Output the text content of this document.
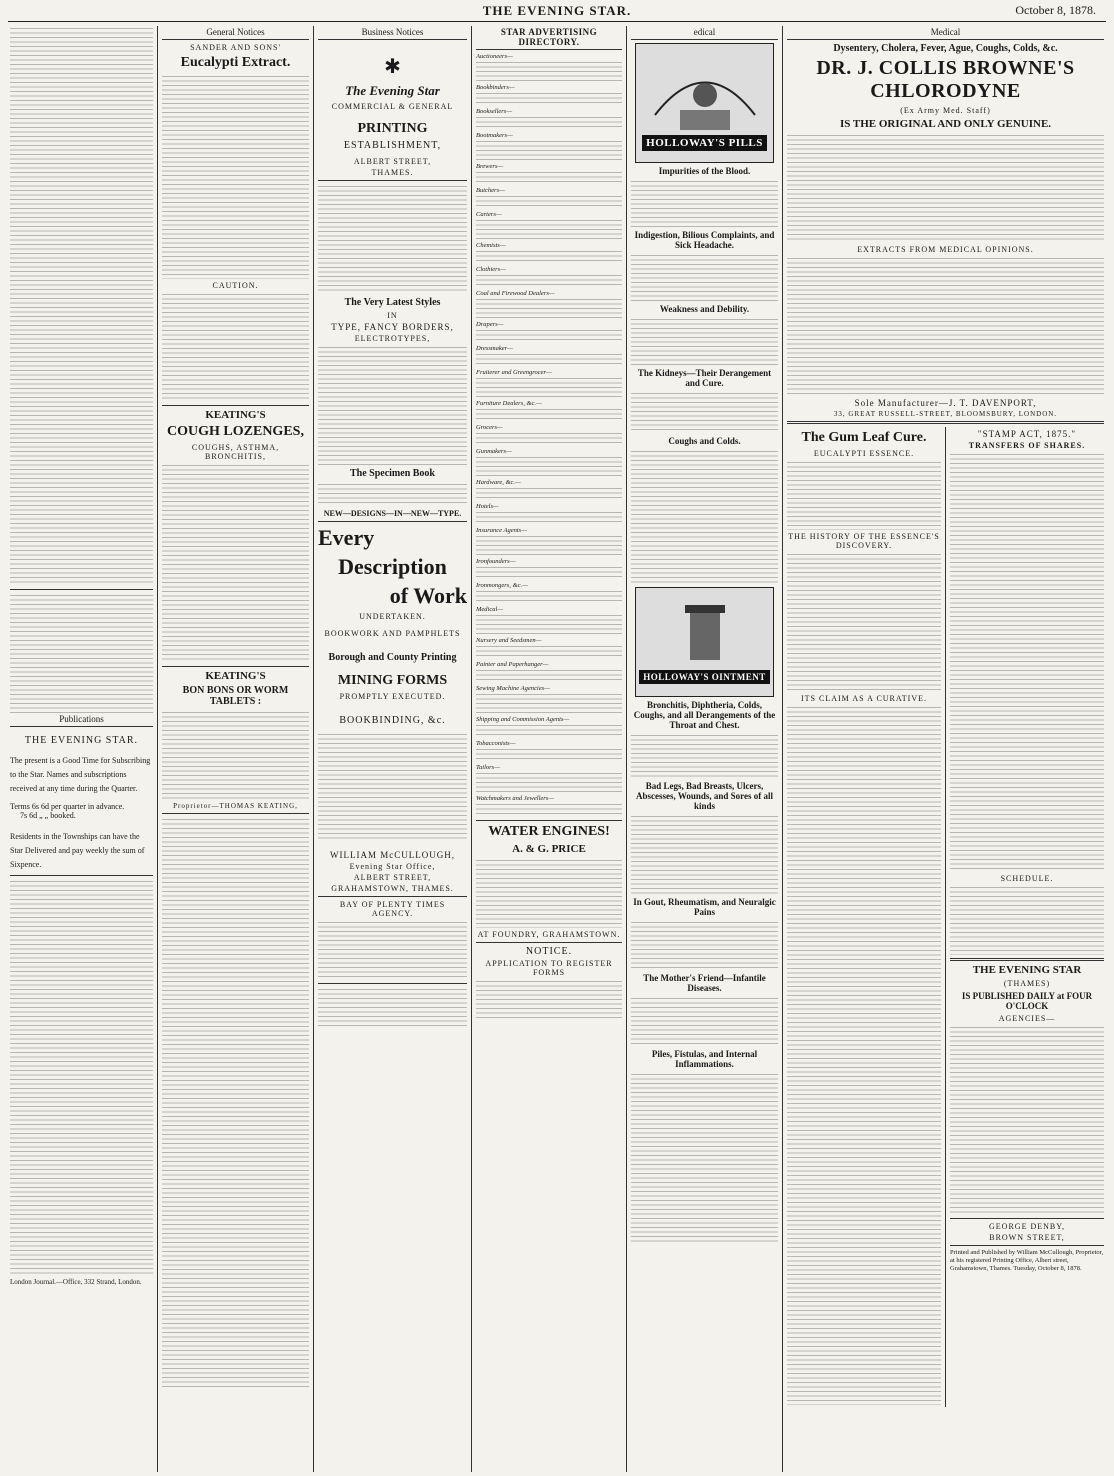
THE EVENING STAR.	October 8, 1878.
Publications
THE EVENING STAR.
The present is a Good Time for Subscribing to the Star. Names and subscriptions received at any time during the Quarter.
Terms 6s 6d per quarter in advance.
7s 6d „ „ booked.
Residents in the Townships can have the Star Delivered and pay weekly the sum of Sixpence.
London Journal.—Office, 332 Strand, London.
General Notices
SANDER AND SONS'
Eucalypti Extract.
CAUTION.
KEATING'S
COUGH LOZENGES,
COUGHS, ASTHMA, BRONCHITIS,
KEATING'S
BON BONS OR WORM TABLETS :
Proprietor—THOMAS KEATING,
Business Notices
✱
The Evening Star
COMMERCIAL & GENERAL
PRINTING
ESTABLISHMENT,
ALBERT STREET,
THAMES.
The Very Latest Styles
IN
TYPE, FANCY BORDERS,
ELECTROTYPES,
The Specimen Book
NEW—DESIGNS—IN—NEW—TYPE.
Every
Description
of Work
UNDERTAKEN.
BOOKWORK AND PAMPHLETS
Borough and County Printing
MINING FORMS
PROMPTLY EXECUTED.
BOOKBINDING, &c.
WILLIAM McCULLOUGH,
Evening Star Office,
ALBERT STREET,
GRAHAMSTOWN, THAMES.
BAY OF PLENTY TIMES AGENCY.
STAR ADVERTISING DIRECTORY.
Auctioneers—
Bookbinders—
Booksellers—
Bootmakers—
Brewers—
Butchers—
Carters—
Chemists—
Clothiers—
Coal and Firewood Dealers—
Drapers—
Dressmaker—
Fruiterer and Greengrocer—
Furniture Dealers, &c.—
Grocers—
Gunmakers—
Hardware, &c.—
Hotels—
Insurance Agents—
Ironfounders—
Ironmongers, &c.—
Medical—
Nursery and Seedsmen—
Painter and Paperhanger—
Sewing Machine Agencies—
Shipping and Commission Agents—
Tobacconists—
Tailors—
Watchmakers and Jewellers—
WATER ENGINES!
A. & G. PRICE
AT FOUNDRY, GRAHAMSTOWN.
NOTICE.
APPLICATION TO REGISTER FORMS
edical
HOLLOWAY'S PILLS
Impurities of the Blood.
Indigestion, Bilious Complaints, and Sick Headache.
Weakness and Debility.
The Kidneys—Their Derangement and Cure.
Coughs and Colds.
HOLLOWAY'S OINTMENT
Bronchitis, Diphtheria, Colds, Coughs, and all Derangements of the Throat and Chest.
Bad Legs, Bad Breasts, Ulcers, Abscesses, Wounds, and Sores of all kinds
In Gout, Rheumatism, and Neuralgic Pains
The Mother's Friend—Infantile Diseases.
Piles, Fistulas, and Internal Inflammations.
Medical
Dysentery, Cholera, Fever, Ague, Coughs, Colds, &c.
DR. J. COLLIS BROWNE'S CHLORODYNE
(Ex Army Med. Staff)
IS THE ORIGINAL AND ONLY GENUINE.
EXTRACTS FROM MEDICAL OPINIONS.
Sole Manufacturer—J. T. DAVENPORT,
33, GREAT RUSSELL-STREET, BLOOMSBURY, LONDON.
The Gum Leaf Cure.
EUCALYPTI ESSENCE.
THE HISTORY OF THE ESSENCE'S DISCOVERY.
ITS CLAIM AS A CURATIVE.
"STAMP ACT, 1875."
TRANSFERS OF SHARES.
SCHEDULE.
THE EVENING STAR
(THAMES)
IS PUBLISHED DAILY at FOUR O'CLOCK
AGENCIES—
GEORGE DENBY,
BROWN STREET,
Printed and Published by William McCullough, Proprietor, at his registered Printing Office, Albert street, Grahamstown, Thames. Tuesday, October 8, 1878.
